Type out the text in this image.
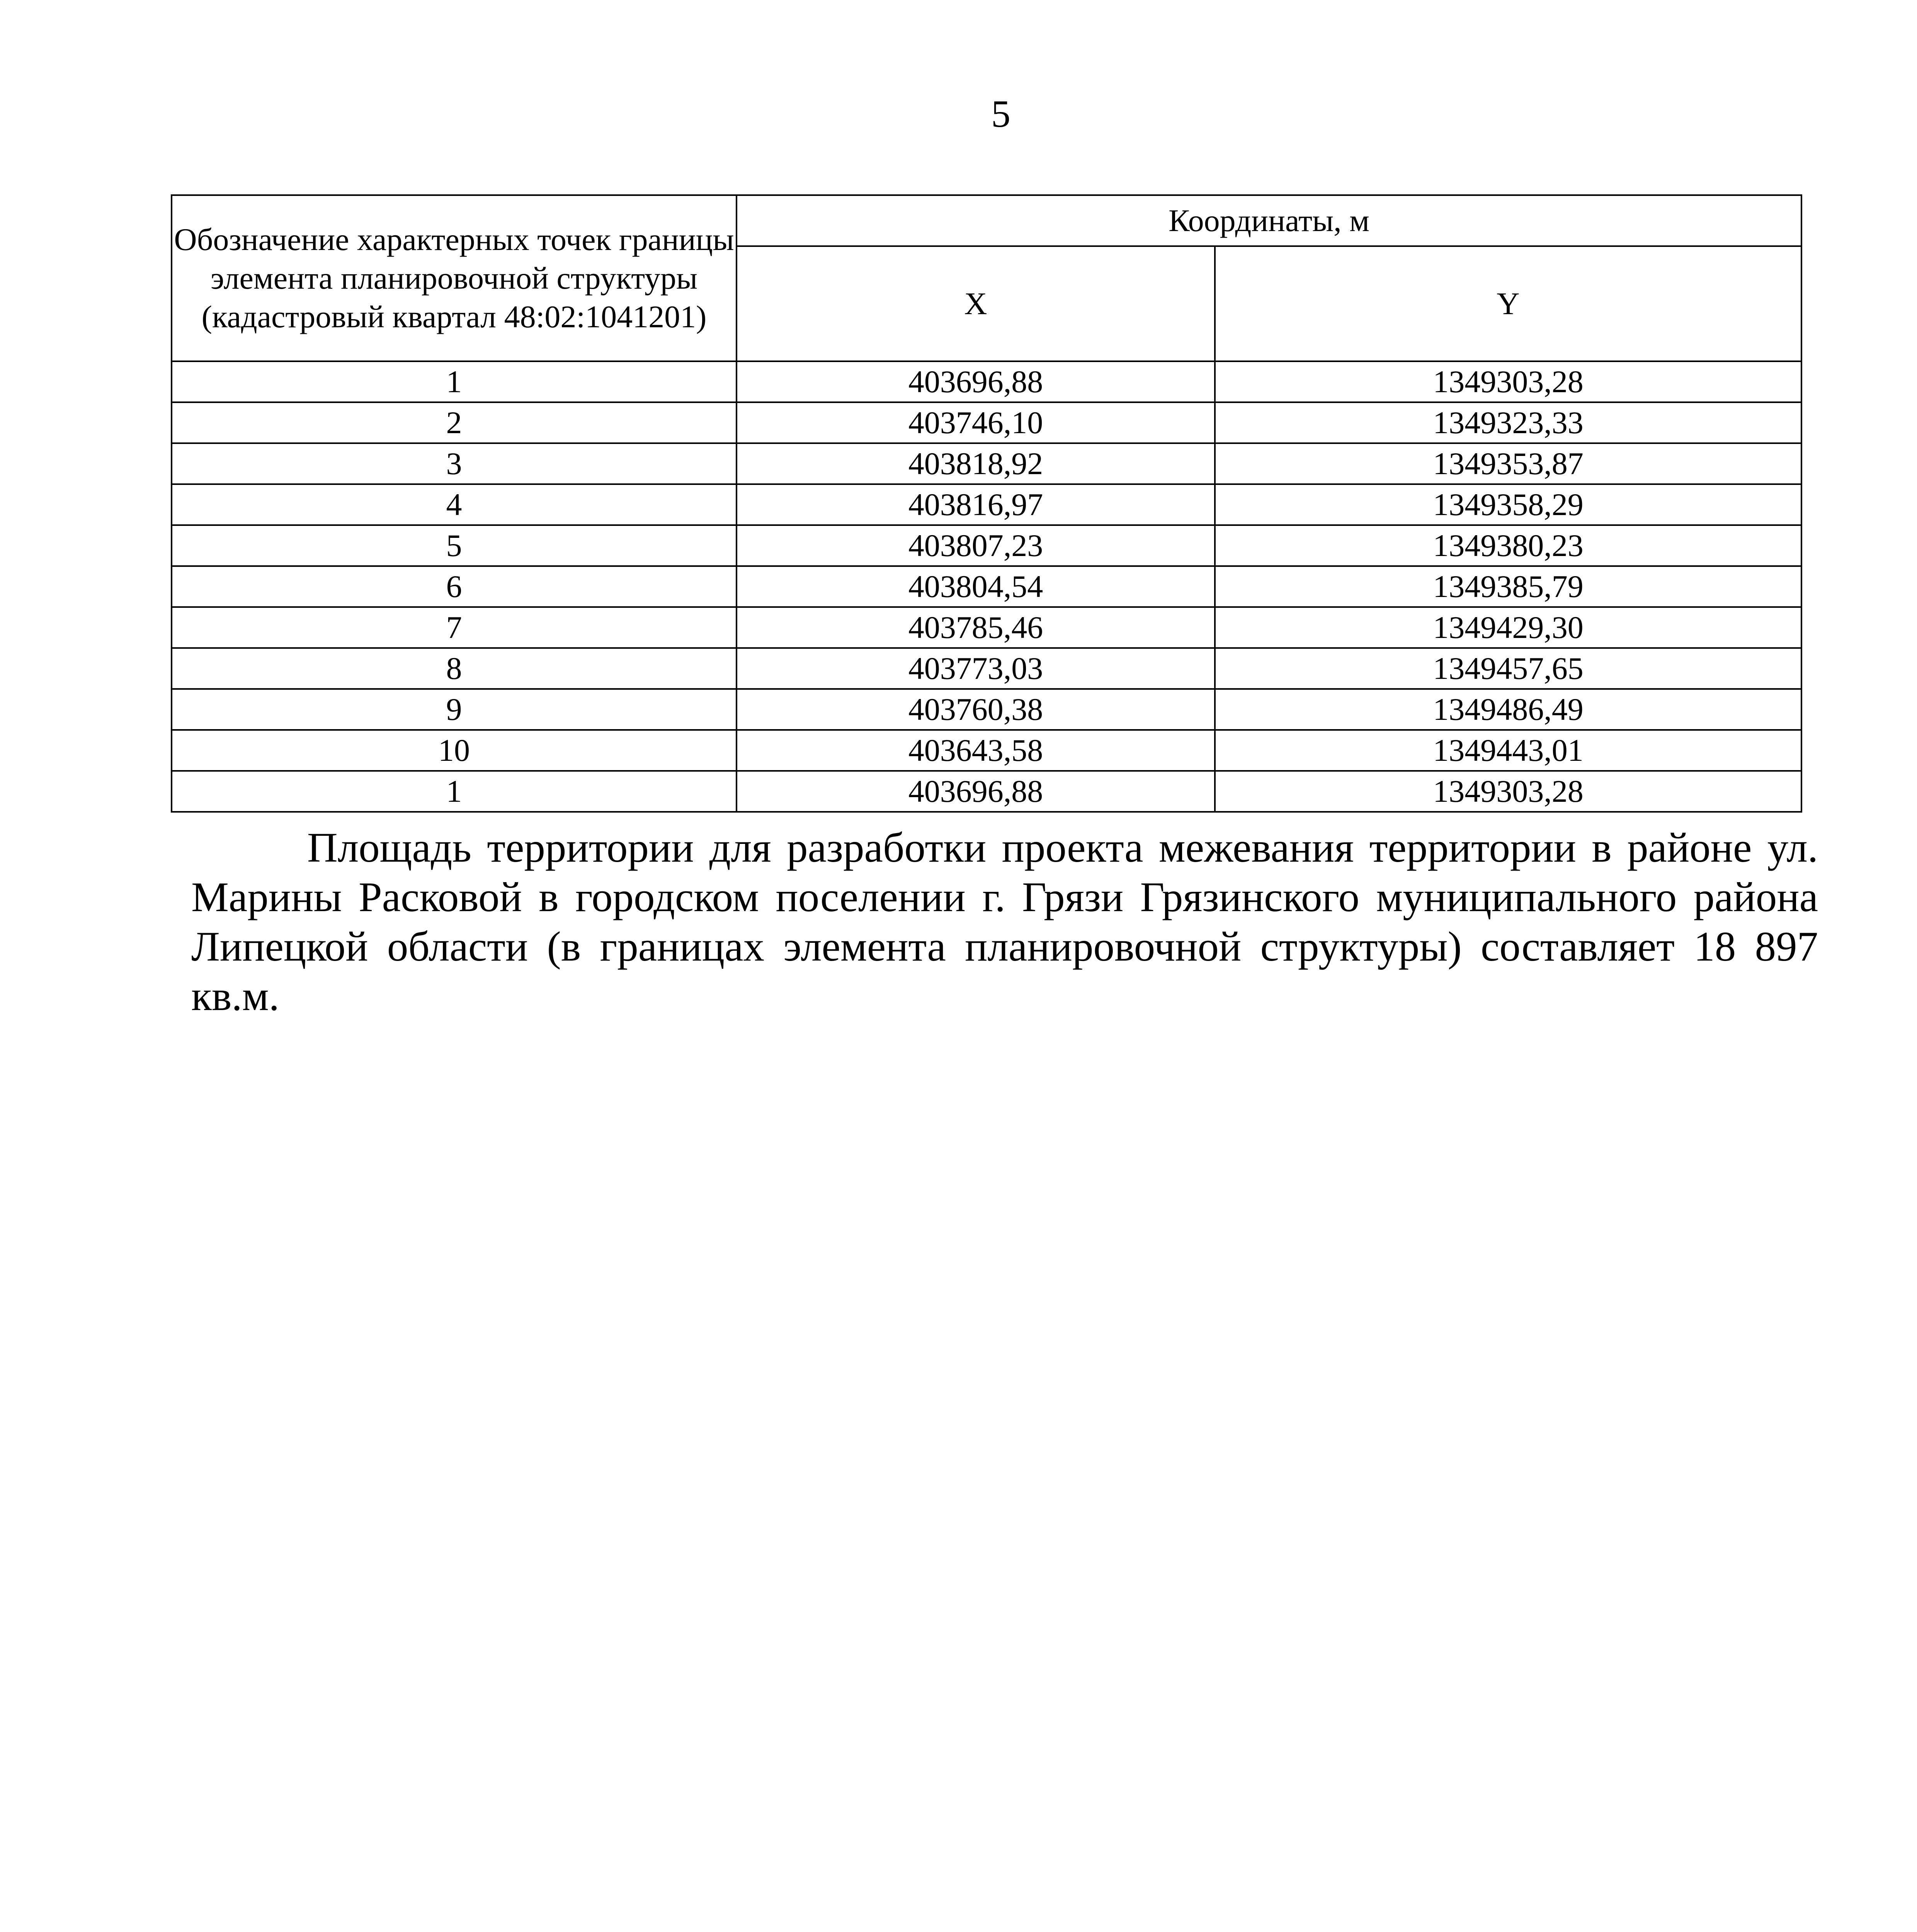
5
Обозначение характерных точек границы элемента планировочной структуры (кадастровый квартал 48:02:1041201)	Координаты, м	
	X	Y
1	403696,88	1349303,28
2	403746,10	1349323,33
3	403818,92	1349353,87
4	403816,97	1349358,29
5	403807,23	1349380,23
6	403804,54	1349385,79
7	403785,46	1349429,30
8	403773,03	1349457,65
9	403760,38	1349486,49
10	403643,58	1349443,01
1	403696,88	1349303,28

Площадь территории для разработки проекта межевания территории в районе ул. Марины Расковой в городском поселении г. Грязи Грязинского муниципального района Липецкой области (в границах элемента планировочной структуры) составляет 18 897 кв.м.
